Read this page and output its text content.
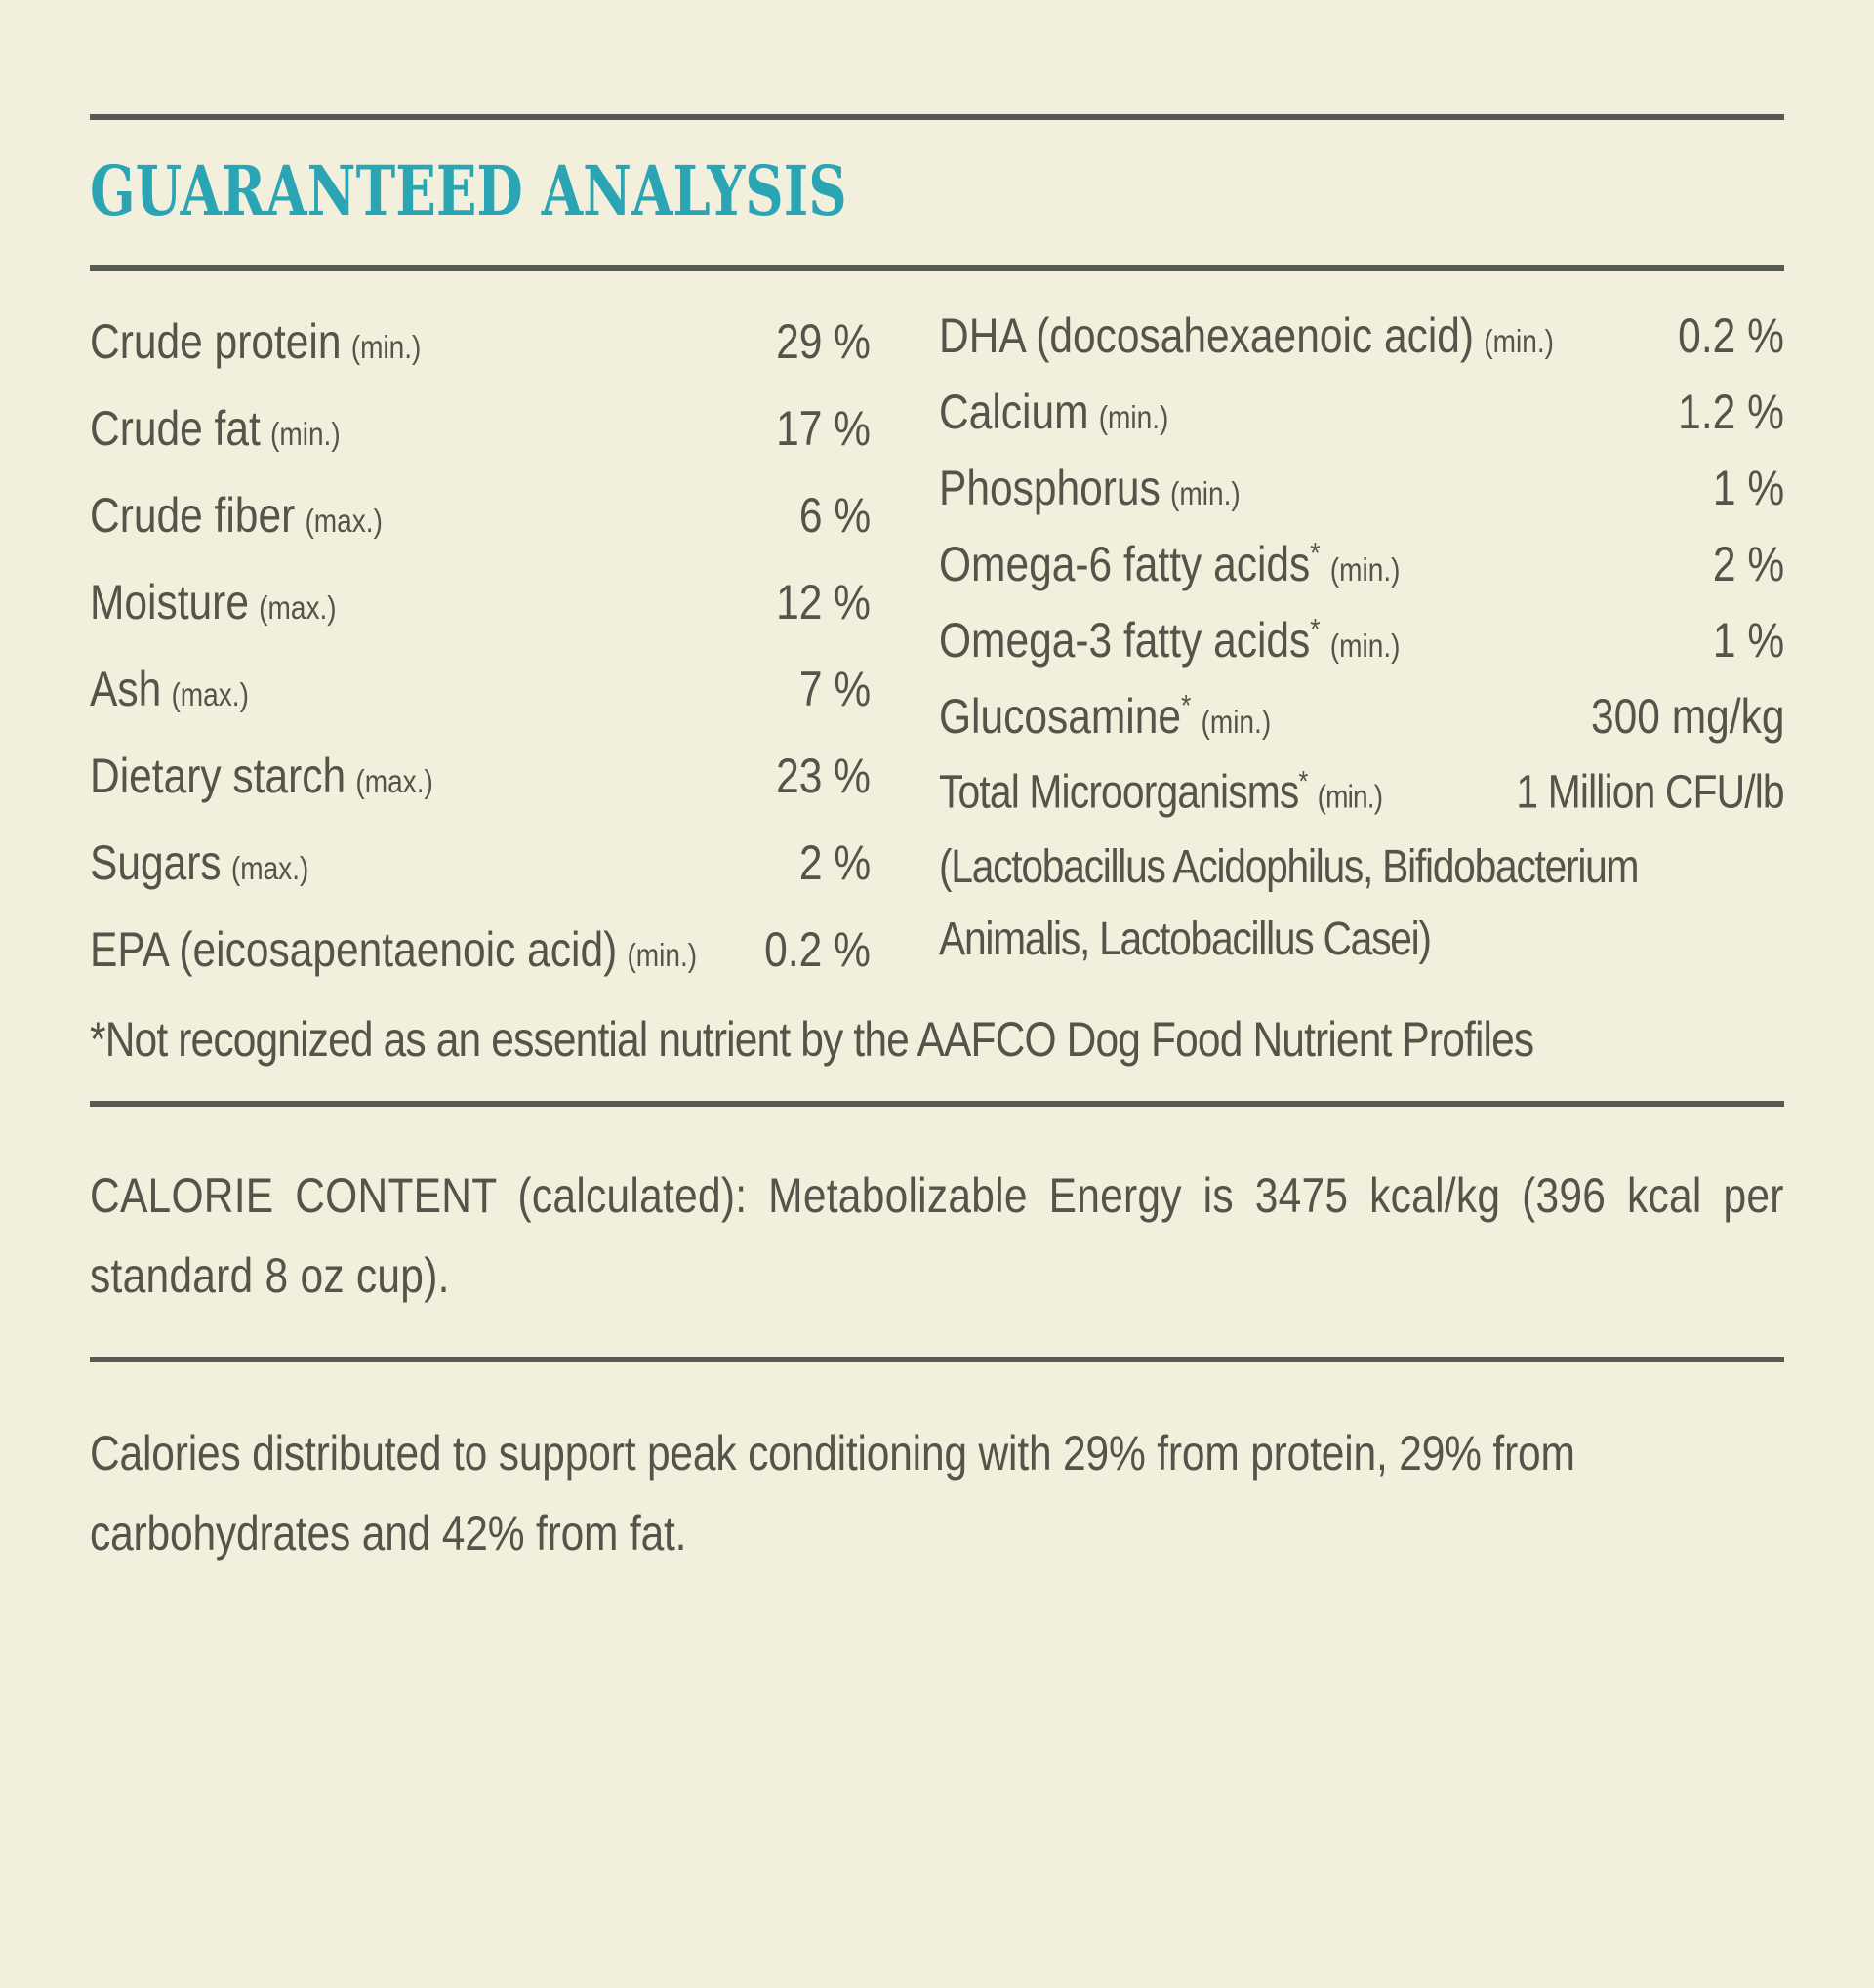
GUARANTEED ANALYSIS
Crude protein (min.)	29 %
Crude fat (min.)	17 %
Crude fiber (max.)	6 %
Moisture (max.)	12 %
Ash (max.)	7 %
Dietary starch (max.)	23 %
Sugars (max.)	2 %
EPA (eicosapentaenoic acid) (min.) 0.2 %
DHA (docosahexaenoic acid) (min.)	0.2 %
Calcium (min.)	1.2 %
Phosphorus (min.)	1 %
Omega-6 fatty acids* (min.)	2 %
Omega-3 fatty acids* (min.)	1 %
Glucosamine* (min.)	300 mg/kg
Total Microorganisms* (min.)	1 Million CFU/lb
(Lactobacillus Acidophilus, Bifidobacterium
Animalis, Lactobacillus Casei)

*Not recognized as an essential nutrient by the AAFCO Dog Food Nutrient Profiles

CALORIE CONTENT (calculated): Metabolizable Energy is 3475 kcal/kg (396 kcal per standard 8 oz cup).

Calories distributed to support peak conditioning with 29% from protein, 29% from carbohydrates and 42% from fat.
